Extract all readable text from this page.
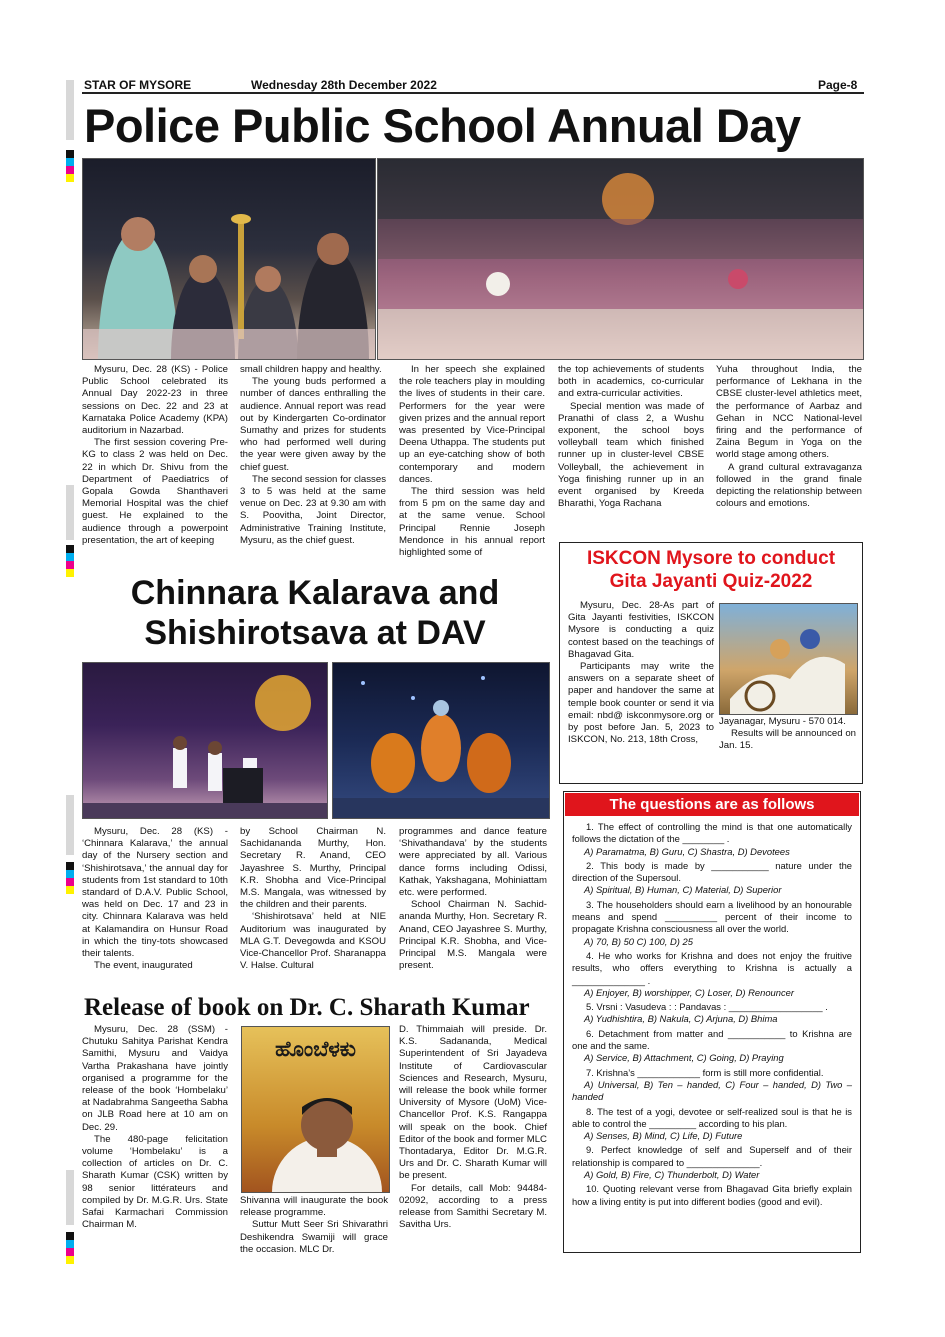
STAR OF MYSORE	Wednesday 28th December 2022	Page-8
Police Public School Annual Day

Mysuru, Dec. 28 (KS) - Police Public School celebrated its Annual Day 2022-23 in three sessions on Dec. 22 and 23 at Karnataka Police Academy (KPA) auditorium in Nazarbad.

The first session covering Pre- KG to class 2 was held on Dec. 22 in which Dr. Shivu from the Department of Paediatrics of Gopala Gowda Shanthaveri Memorial Hospital was the chief guest. He explained to the audience through a powerpoint presentation, the art of keeping

small children happy and healthy.

The young buds performed a number of dances enthralling the audience. Annual report was read out by Kindergarten Co-ordinator Sumathy and prizes for students who had performed well during the year were given away by the chief guest.

The second session for classes 3 to 5 was held at the same venue on Dec. 23 at 9.30 am with S. Poovitha, Joint Director, Administrative Training Institute, Mysuru, as the chief guest.

In her speech she explained the role teachers play in moulding the lives of students in their care. Performers for the year were given prizes and the annual report was presented by Vice-Principal Deena Uthappa. The students put up an eye-catching show of both contemporary and modern dances.

The third session was held from 5 pm on the same day and at the same venue. School Principal Rennie Joseph Mendonce in his annual report highlighted some of

the top achievements of students both in academics, co-curricular and extra-curricular activities.

Special mention was made of Pranathi of class 2, a Wushu exponent, the school boys volleyball team which finished runner up in cluster-level CBSE Volleyball, the achievement in Yoga finishing runner up in an event organised by Kreeda Bharathi, Yoga Rachana

Yuha throughout India, the performance of Lekhana in the CBSE cluster-level athletics meet, the performance of Aarbaz and Gehan in NCC National-level firing and the performance of Zaina Begum in Yoga on the world stage among others.

A grand cultural extravaganza followed in the grand finale depicting the relationship between colours and emotions.

Chinnara Kalarava and
Shishirotsava at DAV

Mysuru, Dec. 28 (KS) - ‘Chinnara Kalarava,’ the annual day of the Nursery section and ‘Shishirotsava,’ the annual day for students from 1st standard to 10th standard of D.A.V. Public School, was held on Dec. 17 and 23 in city. Chinnara Kalarava was held at Kalamandira on Hunsur Road in which the tiny-tots showcased their talents.

The event, inaugurated

by School Chairman N. Sachidananda Murthy, Hon. Secretary R. Anand, CEO Jayashree S. Murthy, Principal K.R. Shobha and Vice-Principal M.S. Mangala, was witnessed by the children and their parents.

‘Shishirotsava’ held at NIE Auditorium was inaugurated by MLA G.T. Devegowda and KSOU Vice-Chancellor Prof. Sharanappa V. Halse. Cultural

programmes and dance feature ‘Shivathandava’ by the students were appreciated by all. Various dance forms including Odissi, Kathak, Yakshagana, Mohiniattam etc. were performed.

School Chairman N. Sachid-ananda Murthy, Hon. Secretary R. Anand, CEO Jayashree S. Murthy, Principal K.R. Shobha, and Vice-Principal M.S. Mangala were present.

Release of book on Dr. C. Sharath Kumar
ಹೊಂಬೆಳಕು

Mysuru, Dec. 28 (SSM) - Chutuku Sahitya Parishat Kendra Samithi, Mysuru and Vaidya Vartha Prakashana have jointly organised a programme for the release of the book ‘Hombelaku’ at Nadabrahma Sangeetha Sabha on JLB Road here at 10 am on Dec. 29.

The 480-page felicitation volume ‘Hombelaku’ is a collection of articles on Dr. C. Sharath Kumar (CSK) written by 98 senior littérateurs and compiled by Dr. M.G.R. Urs. State Safai Karmachari Commission Chairman M.

Shivanna will inaugurate the book release programme.

Suttur Mutt Seer Sri Shivarathri Deshikendra Swamiji will grace the occasion. MLC Dr.

D. Thimmaiah will preside. Dr. K.S. Sadananda, Medical Superintendent of Sri Jayadeva Institute of Cardiovascular Sciences and Research, Mysuru, will release the book while former University of Mysore (UoM) Vice-Chancellor Prof. K.S. Rangappa will speak on the book. Chief Editor of the book and former MLC Thontadarya, Editor Dr. M.G.R. Urs and Dr. C. Sharath Kumar will be present.

For details, call Mob: 94484-02092, according to a press release from Samithi Secretary M. Savitha Urs.

ISKCON Mysore to conduct
Gita Jayanti Quiz-2022

Mysuru, Dec. 28-As part of Gita Jayanti festivities, ISKCON Mysore is conducting a quiz contest based on the teachings of Bhagavad Gita.

Participants may write the answers on a separate sheet of paper and handover the same at temple book counter or send it via email: nbd@ iskconmysore.org or by post before Jan. 5, 2023 to ISKCON, No. 213, 18th Cross,

Jayanagar, Mysuru - 570 014.

Results will be announced on Jan. 15.

The questions are as follows

1. The effect of controlling the mind is that one automatically follows the dictation of the ________ .

A) Paramatma, B) Guru, C) Shastra, D) Devotees

2. This body is made by ___________ nature under the direction of the Supersoul.

A) Spiritual, B) Human, C) Material, D) Superior

3. The householders should earn a livelihood by an honourable means and spend __________ percent of their income to propagate Krishna consciousness all over the world.

A) 70, B) 50 C) 100, D) 25

4. He who works for Krishna and does not enjoy the fruitive results, who offers everything to Krishna is actually a ______________ .

A) Enjoyer, B) worshipper, C) Loser, D) Renouncer

5. Vrsni : Vasudeva : : Pandavas : __________________ .

A) Yudhishtira, B) Nakula, C) Arjuna, D) Bhima

6. Detachment from matter and ___________ to Krishna are one and the same.

A) Service, B) Attachment, C) Going, D) Praying

7. Krishna’s ____________ form is still more confidential.

A) Universal, B) Ten – handed, C) Four – handed, D) Two – handed

8. The test of a yogi, devotee or self-realized soul is that he is able to control the _________ according to his plan.

A) Senses, B) Mind, C) Life, D) Future

9. Perfect knowledge of self and Superself and of their relationship is compared to ______________.

A) Gold, B) Fire, C) Thunderbolt, D) Water

10. Quoting relevant verse from Bhagavad Gita briefly explain how a living entity is put into different bodies (good and evil).
